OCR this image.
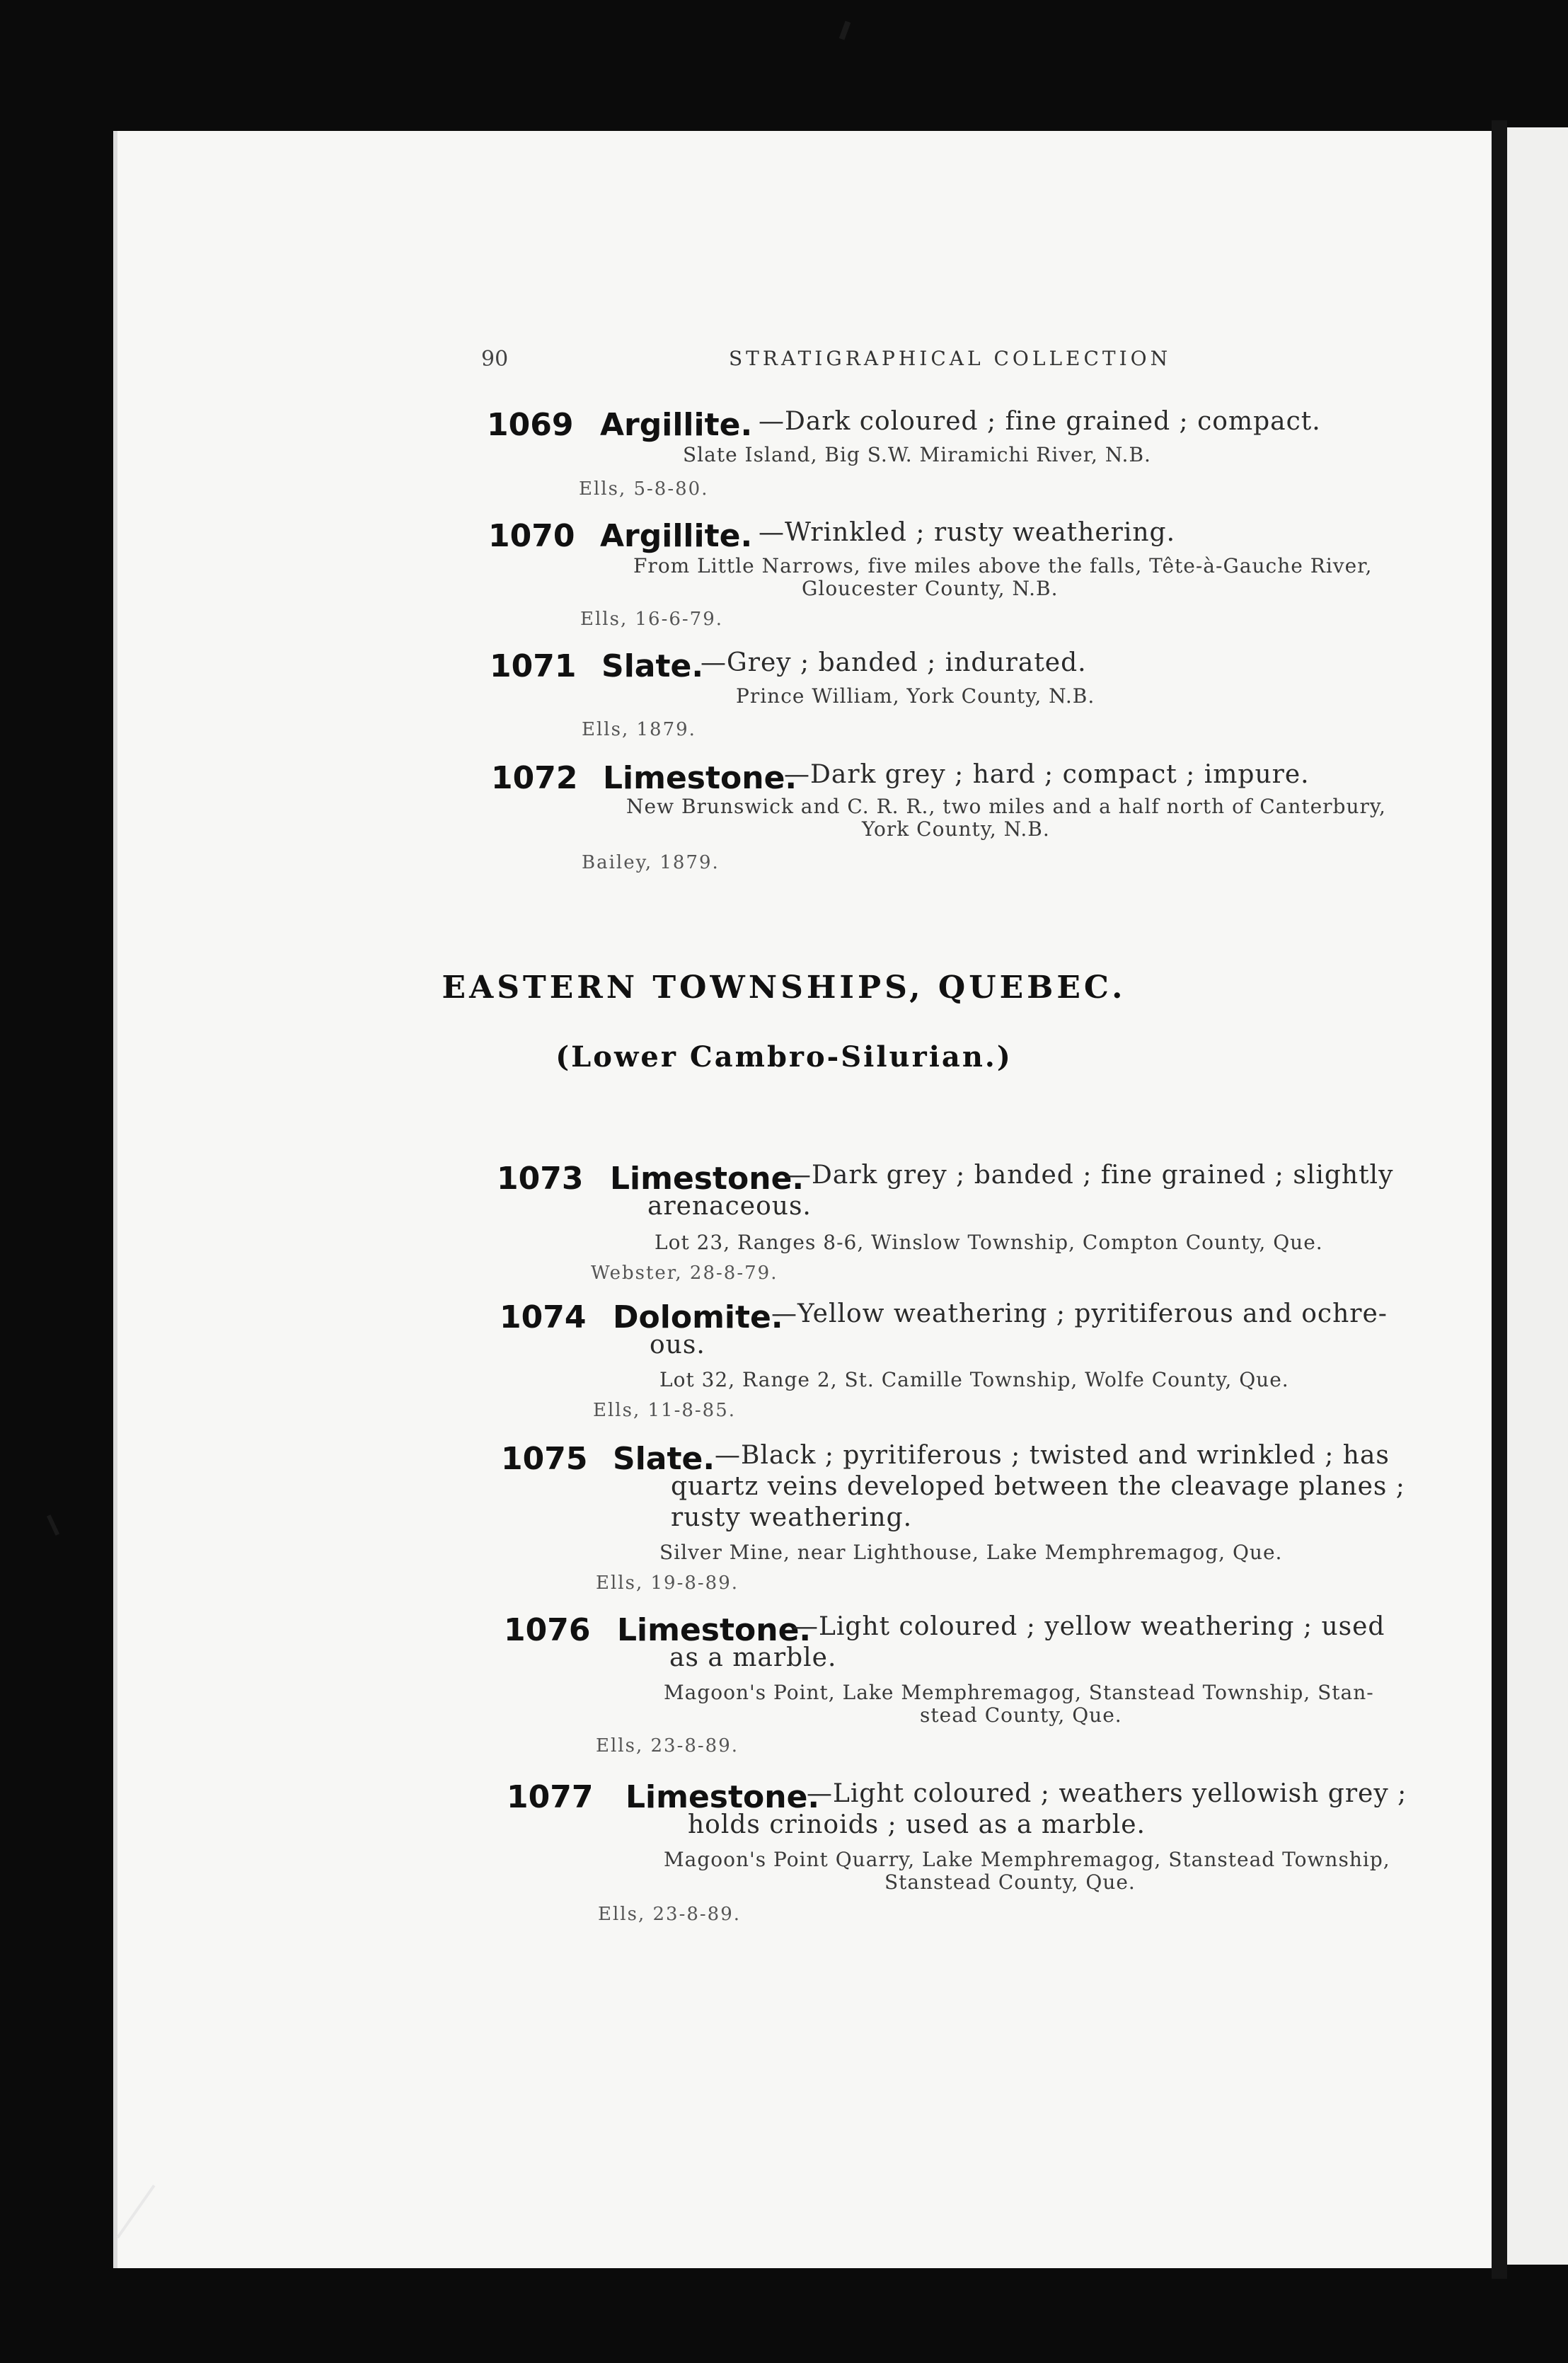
90	STRATIGRAPHICAL COLLECTION
1069 Argillite. —Dark coloured ; fine grained ; compact.
Slate Island, Big S.W. Miramichi River, N.B.
Ells, 5-8-80.
1070 Argillite. —Wrinkled ; rusty weathering.
From Little Narrows, five miles above the falls, Tête-à-Gauche River,
Gloucester County, N.B.
Ells, 16-6-79.
1071 Slate.
—Grey ; banded ; indurated.
Prince William, York County, N.B.
Ells, 1879.
1072 Limestone.
—Dark grey ; hard ; compact ; impure.
New Brunswick and C. R. R., two miles and a half north of Canterbury,
York County, N.B.
Bailey, 1879.
EASTERN TOWNSHIPS, QUEBEC.
(Lower Cambro-Silurian.)
1073 Limestone.
—Dark grey ; banded ; fine grained ; slightly
arenaceous.
Lot 23, Ranges 8-6, Winslow Township, Compton County, Que.
Webster, 28-8-79.
1074 Dolomite.
—Yellow weathering ; pyritiferous and ochre-
ous.
Lot 32, Range 2, St. Camille Township, Wolfe County, Que.
Ells, 11-8-85.
1075 Slate. —Black ; pyritiferous ; twisted and wrinkled ; has
quartz veins developed between the cleavage planes ;
rusty weathering.
Silver Mine, near Lighthouse, Lake Memphremagog, Que.
Ells, 19-8-89.
1076 Limestone.
—Light coloured ; yellow weathering ; used
as a marble.
Magoon's Point, Lake Memphremagog, Stanstead Township, Stan-
stead County, Que.
Ells, 23-8-89.
1077 Limestone.
—Light coloured ; weathers yellowish grey ;
holds crinoids ; used as a marble.
Magoon's Point Quarry, Lake Memphremagog, Stanstead Township,
Stanstead County, Que.
Ells, 23-8-89.
